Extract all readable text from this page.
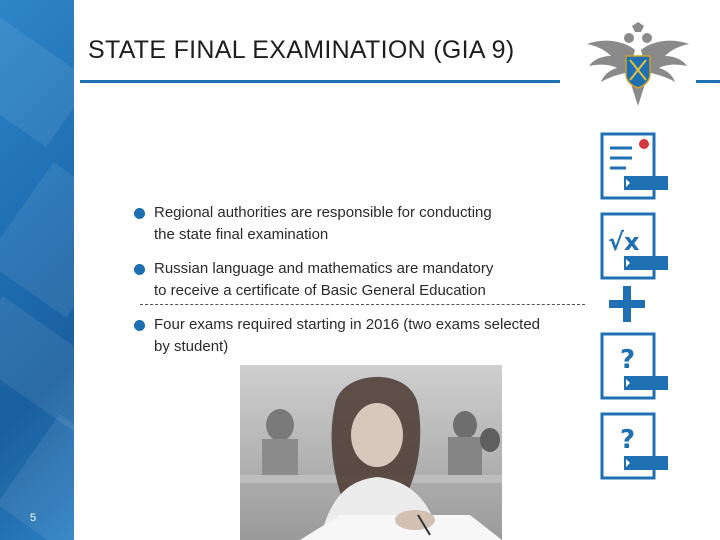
5
STATE FINAL EXAMINATION (GIA 9)
Regional authorities are responsible for conducting
the state final examination
Russian language and mathematics are mandatory
to receive a certificate of Basic General Education
Four exams required starting in 2016 (two exams selected
by student)
√x
?
?
